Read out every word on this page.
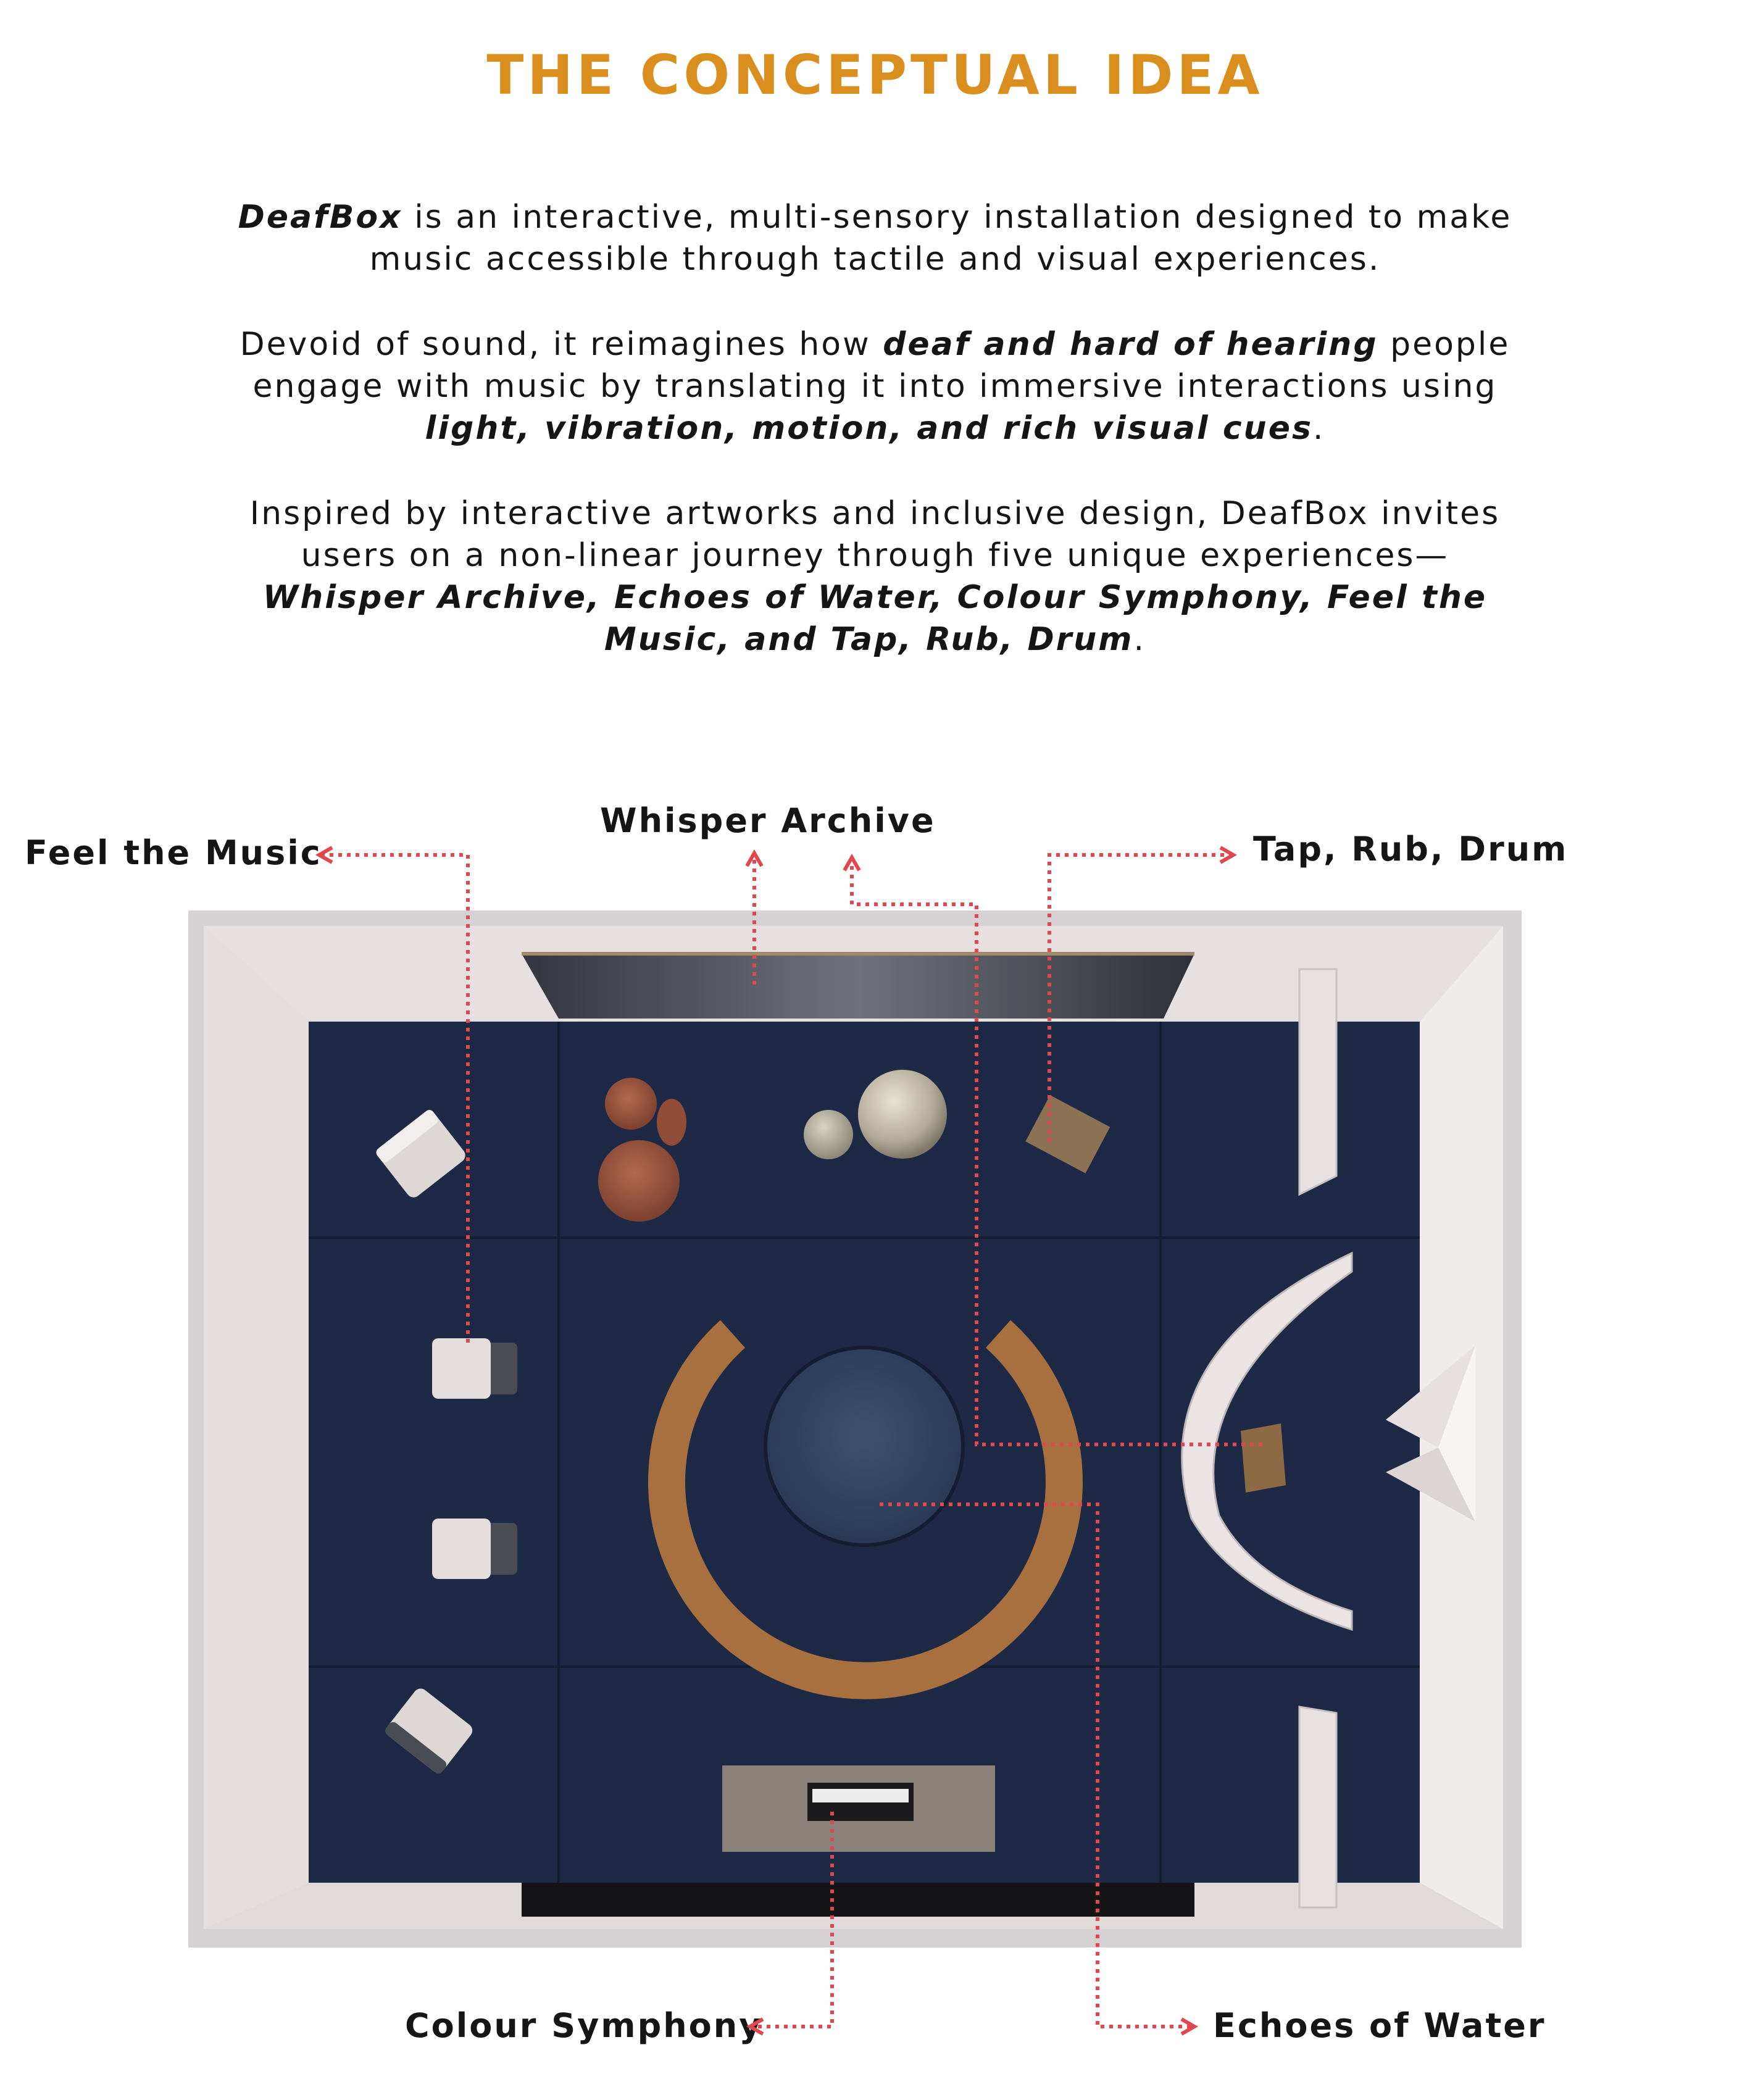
THE CONCEPTUAL IDEA

DeafBox is an interactive, multi-sensory installation designed to make music accessible through tactile and visual experiences.

Devoid of sound, it reimagines how deaf and hard of hearing people engage with music by translating it into immersive interactions using light, vibration, motion, and rich visual cues.

Inspired by interactive artworks and inclusive design, DeafBox invites users on a non-linear journey through five unique experiences—Whisper Archive, Echoes of Water, Colour Symphony, Feel the Music, and Tap, Rub, Drum.

Feel the Music
Whisper Archive
Tap, Rub, Drum
Colour Symphony	Echoes of Water
